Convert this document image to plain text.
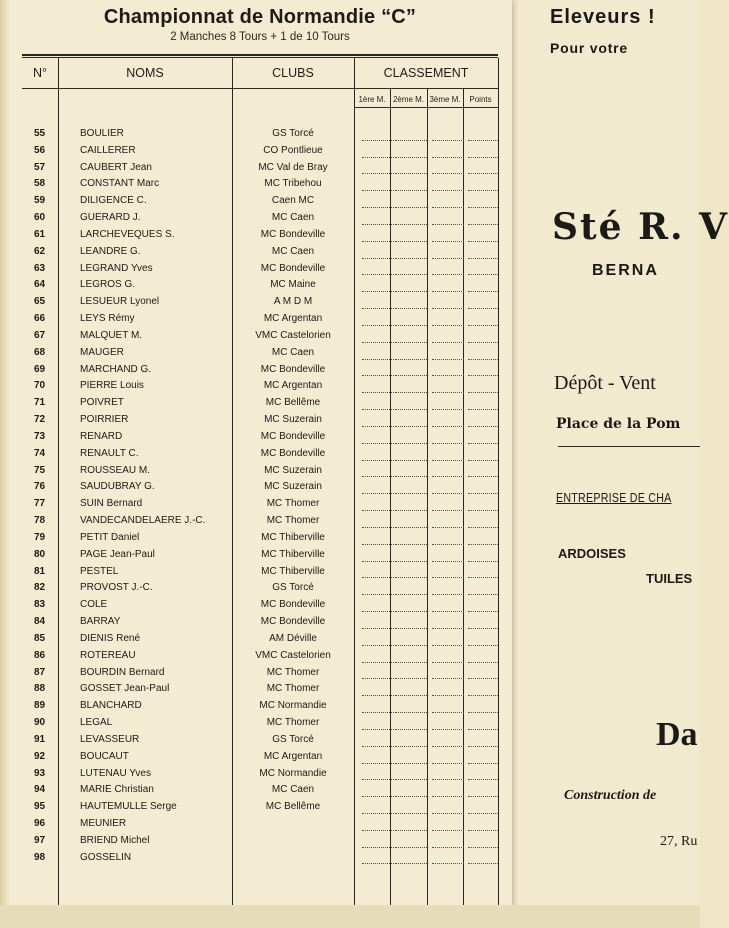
Championnat de Normandie “C”
2 Manches 8 Tours + 1 de 10 Tours
N°	NOMS	CLUBS	CLASSEMENT
1ère M. 2ème M. 3ème M.	Points
55	BOULIER	GS Torcé
56	CAILLERER	CO Pontlieue
57	CAUBERT Jean	MC Val de Bray
58	CONSTANT Marc	MC Tribehou
59	DILIGENCE C.	Caen MC
60	GUERARD J.	MC Caen
61	LARCHEVEQUES S.	MC Bondeville
62	LEANDRE G.	MC Caen
63	LEGRAND Yves	MC Bondeville
64	LEGROS G.	MC Maine
65	LESUEUR Lyonel	A M D M
66	LEYS Rémy	MC Argentan
67	MALQUET M.	VMC Castelorien
68	MAUGER	MC Caen
69	MARCHAND G.	MC Bondeville
70	PIERRE Louis	MC Argentan
71	POIVRET	MC Bellême
72	POIRRIER	MC Suzerain
73	RENARD	MC Bondeville
74	RENAULT C.	MC Bondeville
75	ROUSSEAU M.	MC Suzerain
76	SAUDUBRAY G.	MC Suzerain
77	SUIN Bernard	MC Thomer
78	VANDECANDELAERE J.-C.	MC Thomer
79	PETIT Daniel	MC Thiberville
80	PAGE Jean-Paul	MC Thiberville
81	PESTEL	MC Thiberville
82	PROVOST J.-C.	GS Torcé
83	COLE	MC Bondeville
84	BARRAY	MC Bondeville
85	DIENIS René	AM Déville
86	ROTEREAU	VMC Castelorien
87	BOURDIN Bernard	MC Thomer
88	GOSSET Jean-Paul	MC Thomer
89	BLANCHARD	MC Normandie
90	LEGAL	MC Thomer
91	LEVASSEUR	GS Torcé
92	BOUCAUT	MC Argentan
93	LUTENAU Yves	MC Normandie
94	MARIE Christian	MC Caen
95	HAUTEMULLE Serge	MC Bellême
96	MEUNIER
97	BRIEND Michel
98	GOSSELIN
Eleveurs !
Pour votre
Sté R. V
BERNA
Dépôt - Vent
Place de la Pom
ENTREPRISE DE CHA
ARDOISES
TUILES
Da
Construction de
27, Ru
